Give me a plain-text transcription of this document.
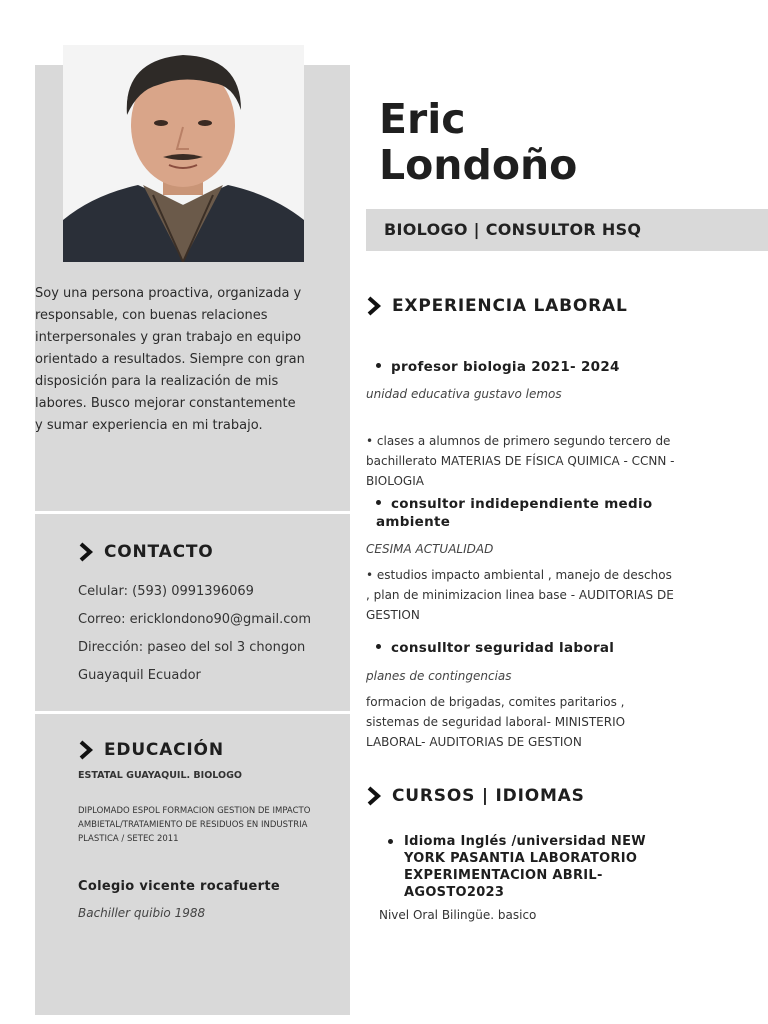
Soy una persona proactiva, organizada y responsable, con buenas relaciones interpersonales y gran trabajo en equipo orientado a resultados. Siempre con gran disposición para la realización de mis labores. Busco mejorar constantemente y sumar experiencia en mi trabajo.
Eric
Londoño
BIOLOGO | CONSULTOR HSQ
CONTACTO
Celular: (593) 0991396069
Correo: ericklondono90@gmail.com
Dirección: paseo del sol 3 chongon
Guayaquil Ecuador
EDUCACIÓN
ESTATAL GUAYAQUIL. BIOLOGO
DIPLOMADO ESPOL FORMACION GESTION DE IMPACTO AMBIETAL/TRATAMIENTO DE RESIDUOS EN INDUSTRIA PLASTICA / SETEC 2011
Colegio vicente rocafuerte
Bachiller quibio 1988
EXPERIENCIA LABORAL
profesor biologia 2021- 2024
unidad educativa gustavo lemos
• clases a alumnos de primero segundo tercero de bachillerato MATERIAS DE FÍSICA QUIMICA - CCNN - BIOLOGIA
consultor indidependiente medio ambiente
CESIMA ACTUALIDAD
• estudios impacto ambiental , manejo de deschos , plan de minimizacion linea base - AUDITORIAS DE GESTION
consulltor seguridad laboral
planes de contingencias
formacion de brigadas, comites paritarios , sistemas de seguridad laboral- MINISTERIO LABORAL- AUDITORIAS DE GESTION
CURSOS | IDIOMAS
Idioma Inglés /universidad NEW YORK PASANTIA LABORATORIO EXPERIMENTACION ABRIL- AGOSTO2023
Nivel Oral Bilingüe. basico
